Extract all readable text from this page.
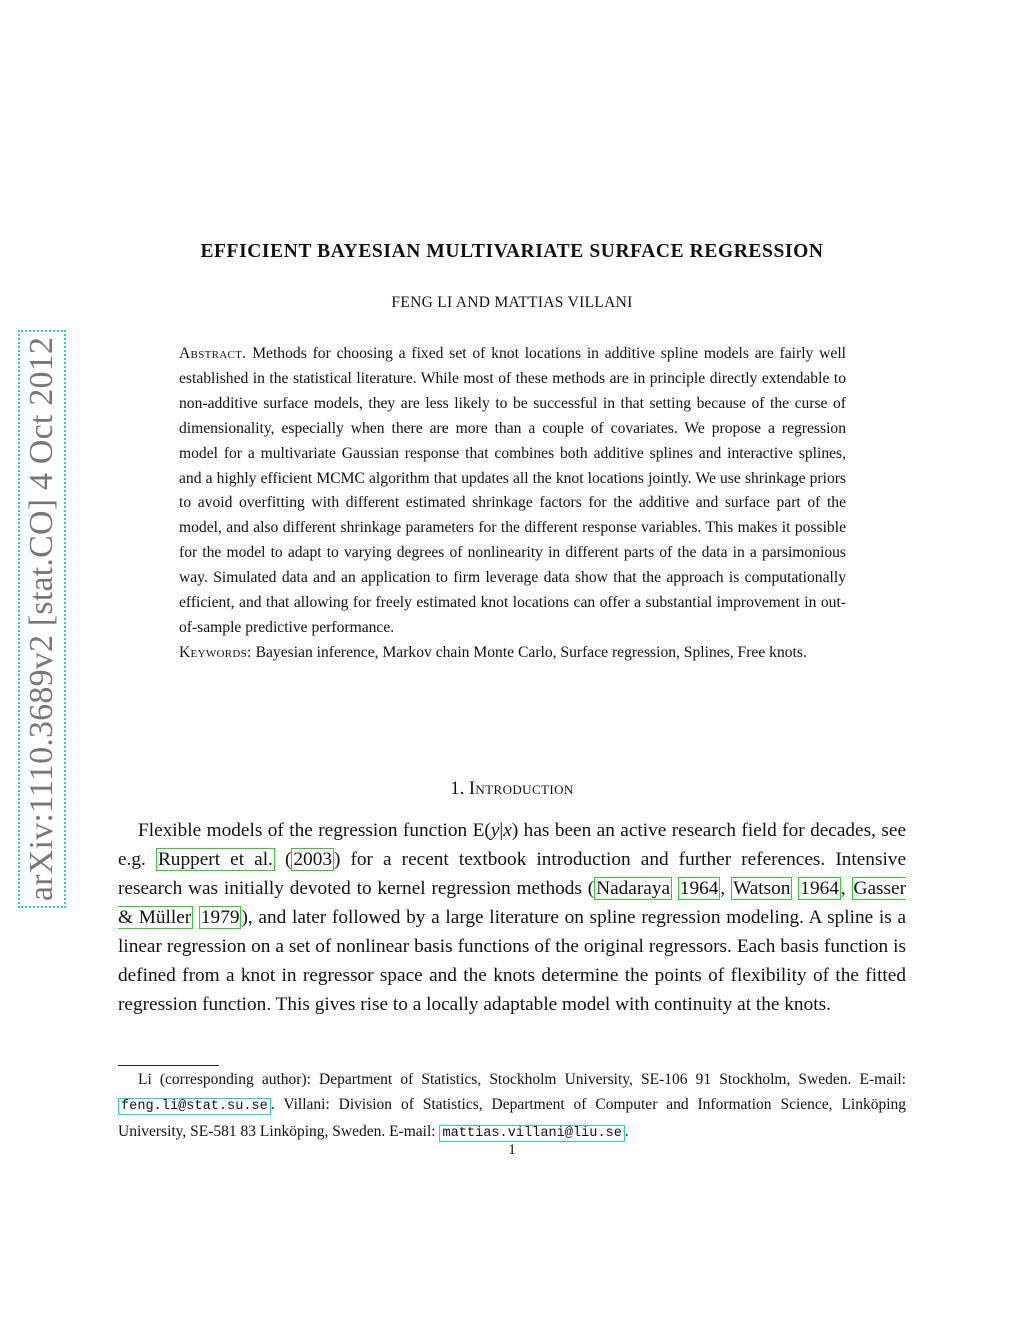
arXiv:1110.3689v2 [stat.CO] 4 Oct 2012
EFFICIENT BAYESIAN MULTIVARIATE SURFACE REGRESSION
FENG LI AND MATTIAS VILLANI

Abstract. Methods for choosing a fixed set of knot locations in additive spline models are fairly well established in the statistical literature. While most of these methods are in principle directly extendable to non-additive surface models, they are less likely to be successful in that setting because of the curse of dimensionality, especially when there are more than a couple of covariates. We propose a regression model for a multivariate Gaussian response that combines both additive splines and interactive splines, and a highly efficient MCMC algorithm that updates all the knot locations jointly. We use shrinkage priors to avoid overfitting with different estimated shrinkage factors for the additive and surface part of the model, and also different shrinkage parameters for the different response variables. This makes it possible for the model to adapt to varying degrees of nonlinearity in different parts of the data in a parsimonious way. Simulated data and an application to firm leverage data show that the approach is computationally efficient, and that allowing for freely estimated knot locations can offer a substantial improvement in out-of-sample predictive performance.

Keywords: Bayesian inference, Markov chain Monte Carlo, Surface regression, Splines, Free knots.

1. Introduction

Flexible models of the regression function E(y|x) has been an active research field for decades, see e.g. Ruppert et al. ( 2003 ) for a recent textbook introduction and further references. Intensive research was initially devoted to kernel regression methods ( Nadaraya 1964 , Watson 1964 , Gasser & Müller 1979 ), and later followed by a large literature on spline regression modeling. A spline is a linear regression on a set of nonlinear basis functions of the original regressors. Each basis function is defined from a knot in regressor space and the knots determine the points of flexibility of the fitted regression function. This gives rise to a locally adaptable model with continuity at the knots.

Li (corresponding author): Department of Statistics, Stockholm University, SE-106 91 Stockholm, Sweden. E-mail: feng.li@stat.su.se . Villani: Division of Statistics, Department of Computer and Information Science, Linköping University, SE-581 83 Linköping, Sweden. E-mail: mattias.villani@liu.se .

1
